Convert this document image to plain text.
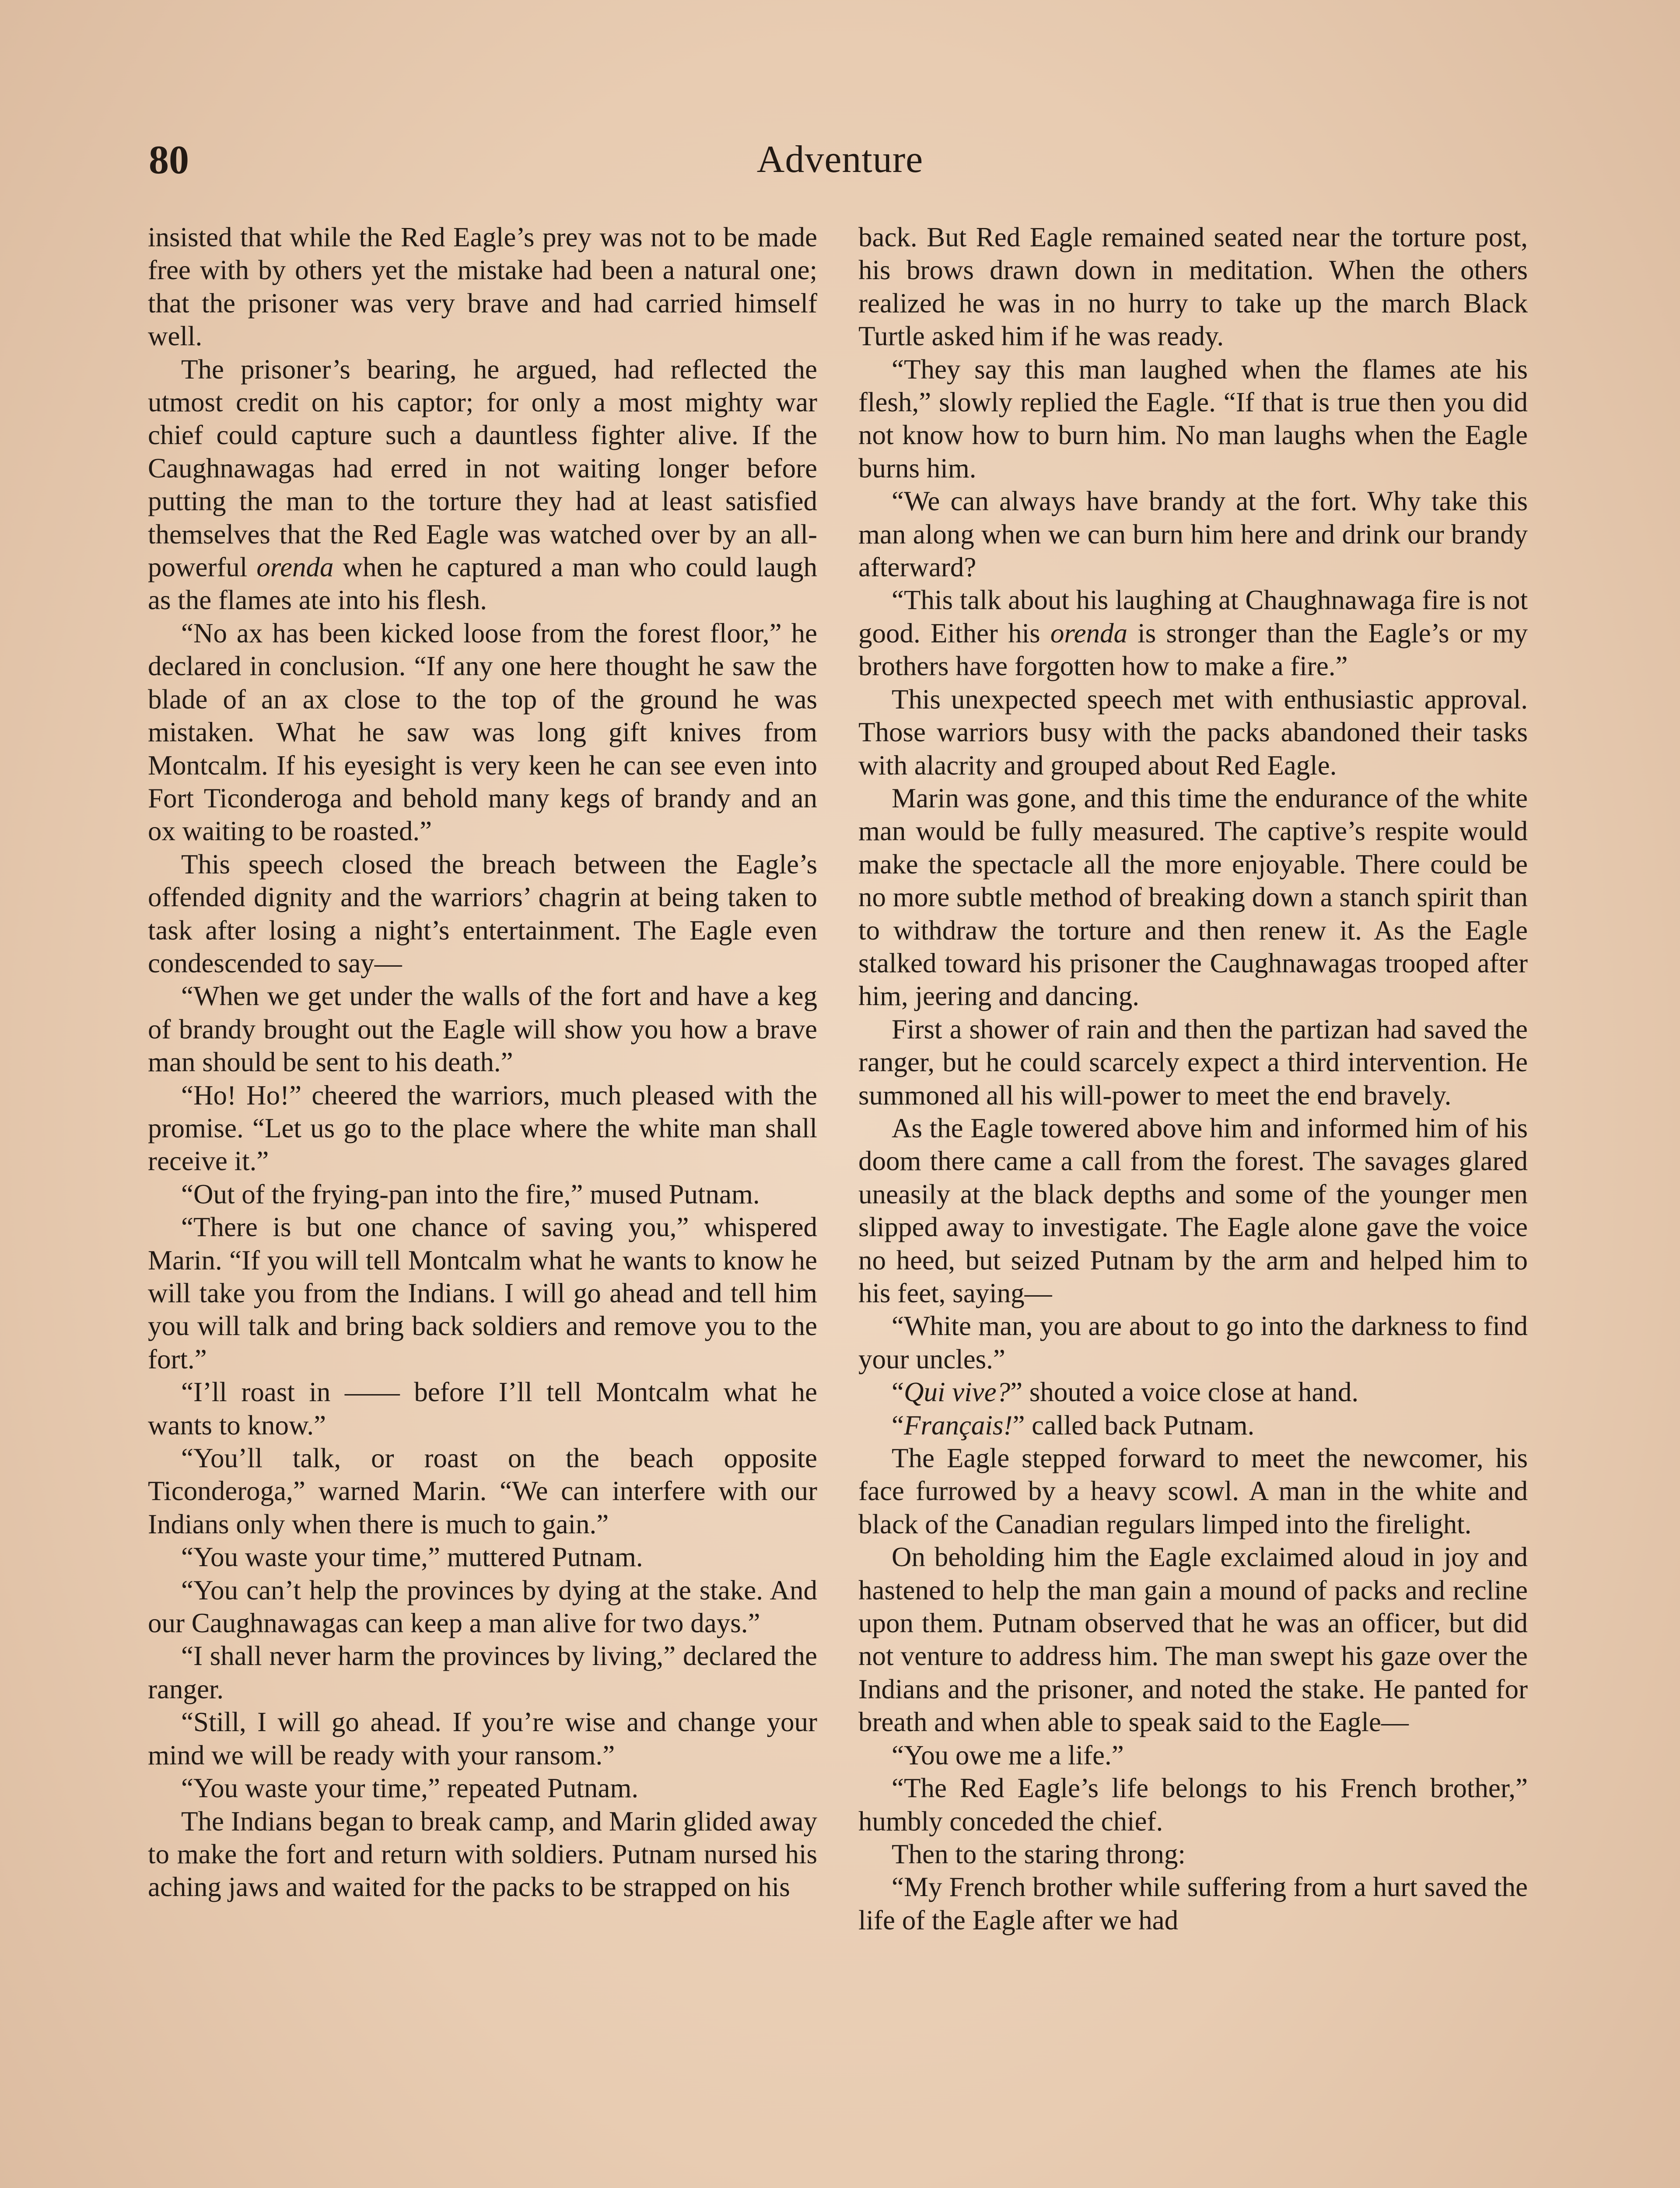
80	Adventure

insisted that while the Red Eagle’s prey was not to be made free with by others yet the mistake had been a natural one; that the prisoner was very brave and had carried himself well.

The prisoner’s bearing, he argued, had reflected the utmost credit on his captor; for only a most mighty war chief could capture such a dauntless fighter alive. If the Caughnawagas had erred in not waiting longer before putting the man to the torture they had at least satisfied themselves that the Red Eagle was watched over by an all-powerful orenda when he captured a man who could laugh as the flames ate into his flesh.

“No ax has been kicked loose from the forest floor,” he declared in conclusion. “If any one here thought he saw the blade of an ax close to the top of the ground he was mistaken. What he saw was long gift knives from Montcalm. If his eyesight is very keen he can see even into Fort Ticonderoga and behold many kegs of brandy and an ox waiting to be roasted.”

This speech closed the breach between the Eagle’s offended dignity and the warriors’ chagrin at being taken to task after losing a night’s entertainment. The Eagle even condescended to say—

“When we get under the walls of the fort and have a keg of brandy brought out the Eagle will show you how a brave man should be sent to his death.”

“Ho! Ho!” cheered the warriors, much pleased with the promise. “Let us go to the place where the white man shall receive it.”

“Out of the frying-pan into the fire,” mused Putnam.

“There is but one chance of saving you,” whispered Marin. “If you will tell Montcalm what he wants to know he will take you from the Indians. I will go ahead and tell him you will talk and bring back soldiers and remove you to the fort.”

“I’ll roast in —— before I’ll tell Montcalm what he wants to know.”

“You’ll talk, or roast on the beach opposite Ticonderoga,” warned Marin. “We can interfere with our Indians only when there is much to gain.”

“You waste your time,” muttered Putnam.

“You can’t help the provinces by dying at the stake. And our Caughnawagas can keep a man alive for two days.”

“I shall never harm the provinces by living,” declared the ranger.

“Still, I will go ahead. If you’re wise and change your mind we will be ready with your ransom.”

“You waste your time,” repeated Putnam.

The Indians began to break camp, and Marin glided away to make the fort and return with soldiers. Putnam nursed his aching jaws and waited for the packs to be strapped on his

back. But Red Eagle remained seated near the torture post, his brows drawn down in meditation. When the others realized he was in no hurry to take up the march Black Turtle asked him if he was ready.

“They say this man laughed when the flames ate his flesh,” slowly replied the Eagle. “If that is true then you did not know how to burn him. No man laughs when the Eagle burns him.

“We can always have brandy at the fort. Why take this man along when we can burn him here and drink our brandy afterward?

“This talk about his laughing at Chaughnawaga fire is not good. Either his orenda is stronger than the Eagle’s or my brothers have forgotten how to make a fire.”

This unexpected speech met with enthusiastic approval. Those warriors busy with the packs abandoned their tasks with alacrity and grouped about Red Eagle.

Marin was gone, and this time the endurance of the white man would be fully measured. The captive’s respite would make the spectacle all the more enjoyable. There could be no more subtle method of breaking down a stanch spirit than to withdraw the torture and then renew it. As the Eagle stalked toward his prisoner the Caughnawagas trooped after him, jeering and dancing.

First a shower of rain and then the partizan had saved the ranger, but he could scarcely expect a third intervention. He summoned all his will-power to meet the end bravely.

As the Eagle towered above him and informed him of his doom there came a call from the forest. The savages glared uneasily at the black depths and some of the younger men slipped away to investigate. The Eagle alone gave the voice no heed, but seized Putnam by the arm and helped him to his feet, saying—

“White man, you are about to go into the darkness to find your uncles.”

“Qui vive?” shouted a voice close at hand.

“Français!” called back Putnam.

The Eagle stepped forward to meet the newcomer, his face furrowed by a heavy scowl. A man in the white and black of the Canadian regulars limped into the firelight.

On beholding him the Eagle exclaimed aloud in joy and hastened to help the man gain a mound of packs and recline upon them. Putnam observed that he was an officer, but did not venture to address him. The man swept his gaze over the Indians and the prisoner, and noted the stake. He panted for breath and when able to speak said to the Eagle—

“You owe me a life.”

“The Red Eagle’s life belongs to his French brother,” humbly conceded the chief.

Then to the staring throng:

“My French brother while suffering from a hurt saved the life of the Eagle after we had
